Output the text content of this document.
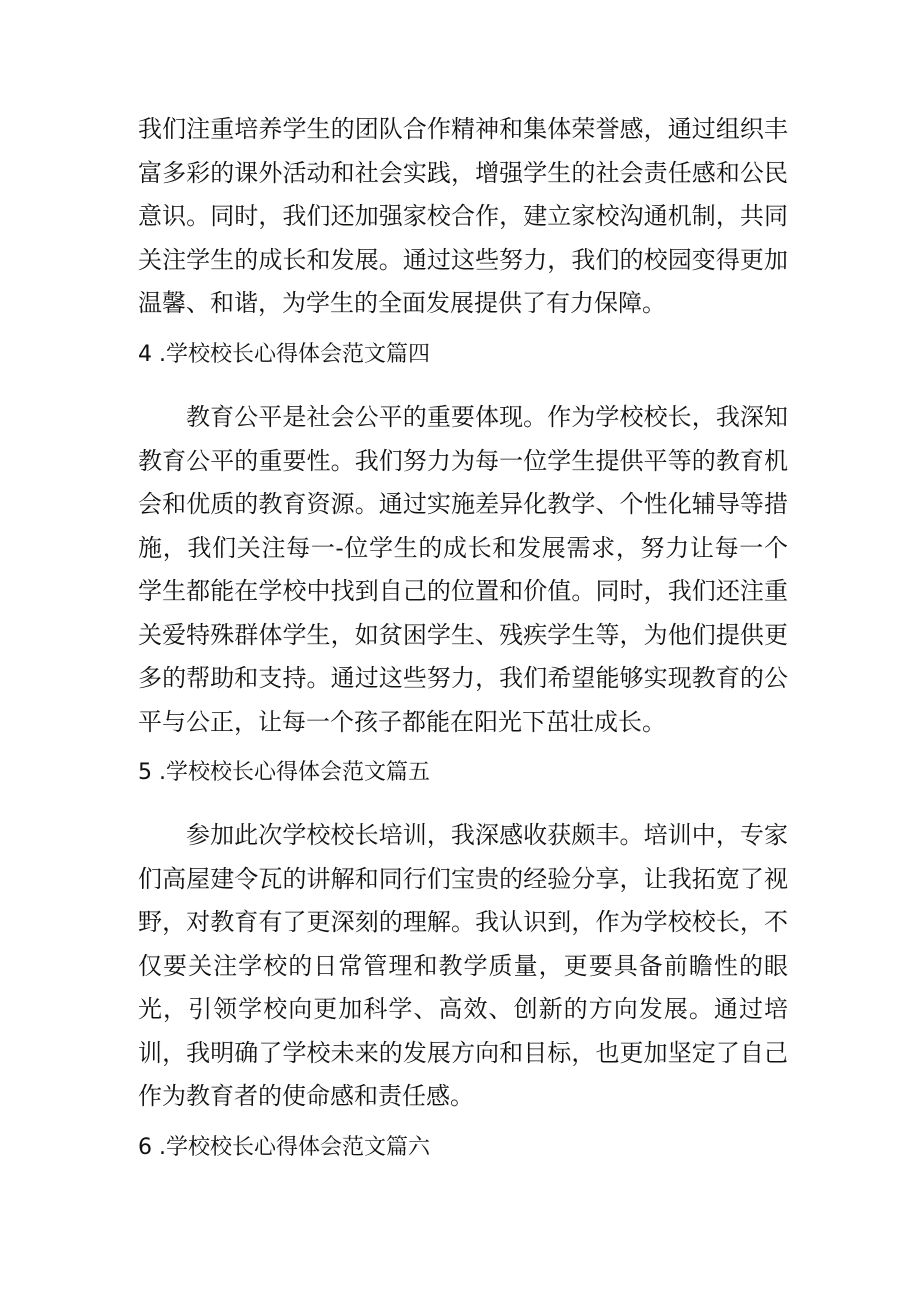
我们注重培养学生的团队合作精神和集体荣誉感，通过组织丰富多彩的课外活动和社会实践，增强学生的社会责任感和公民意识。同时，我们还加强家校合作，建立家校沟通机制，共同关注学生的成长和发展。通过这些努力，我们的校园变得更加温馨、和谐，为学生的全面发展提供了有力保障。

4 .学校校长心得体会范文篇四

教育公平是社会公平的重要体现。作为学校校长，我深知教育公平的重要性。我们努力为每一位学生提供平等的教育机会和优质的教育资源。通过实施差异化教学、个性化辅导等措施，我们关注每一-位学生的成长和发展需求，努力让每一个学生都能在学校中找到自己的位置和价值。同时，我们还注重关爱特殊群体学生，如贫困学生、残疾学生等，为他们提供更多的帮助和支持。通过这些努力，我们希望能够实现教育的公平与公正，让每一个孩子都能在阳光下茁壮成长。

5 .学校校长心得体会范文篇五

参加此次学校校长培训，我深感收获颇丰。培训中，专家们高屋建令瓦的讲解和同行们宝贵的经验分享，让我拓宽了视野，对教育有了更深刻的理解。我认识到，作为学校校长，不仅要关注学校的日常管理和教学质量，更要具备前瞻性的眼光，引领学校向更加科学、高效、创新的方向发展。通过培训，我明确了学校未来的发展方向和目标，也更加坚定了自己作为教育者的使命感和责任感。

6 .学校校长心得体会范文篇六
